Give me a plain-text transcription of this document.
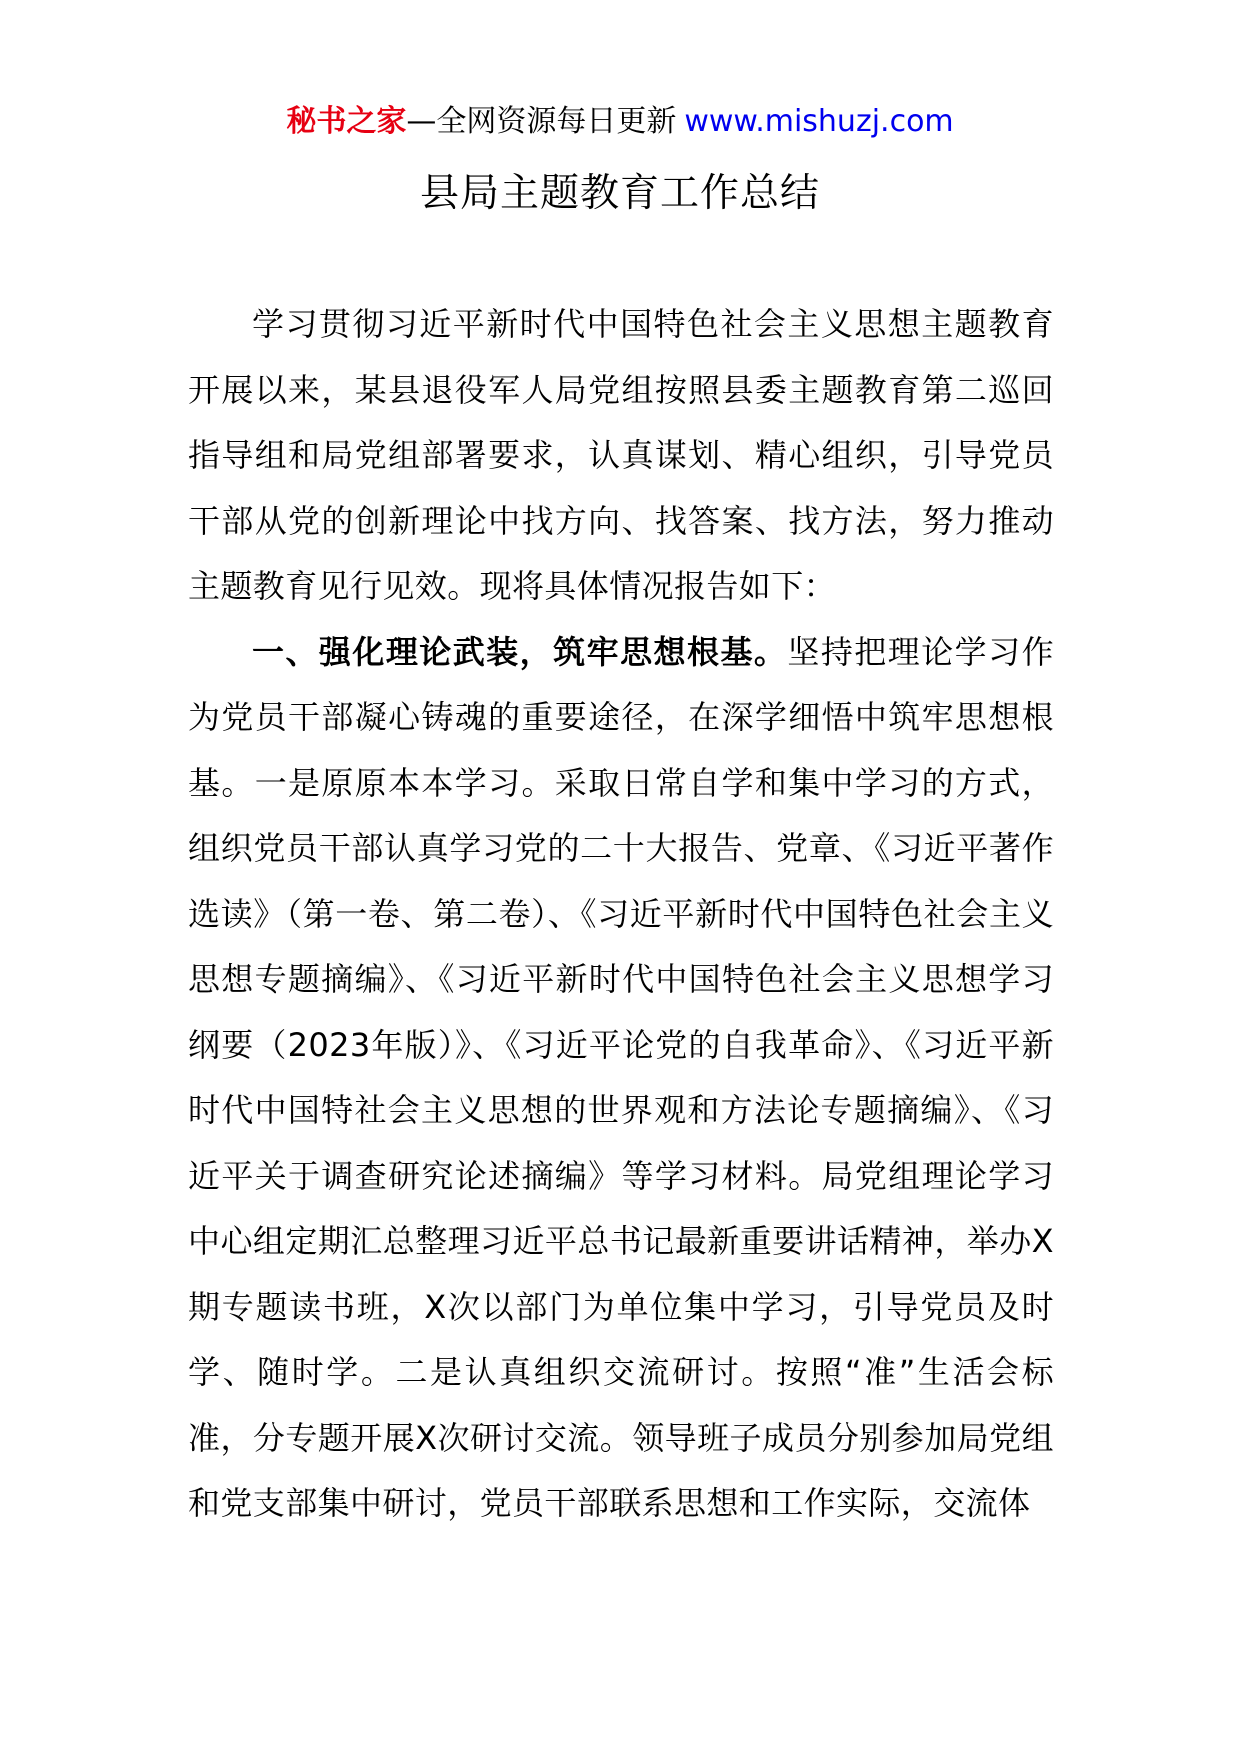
秘书之家—全网资源每日更新 www.mishuzj.com
县局主题教育工作总结

学习贯彻习近平新时代中国特色社会主义思想主题教育开展以来，某县退役军人局党组按照县委主题教育第二巡回指导组和局党组部署要求，认真谋划、精心组织，引导党员干部从党的创新理论中找方向、找答案、找方法，努力推动主题教育见行见效。现将具体情况报告如下：

一、强化理论武装，筑牢思想根基。坚持把理论学习作为党员干部凝心铸魂的重要途径，在深学细悟中筑牢思想根基。一是原原本本学习。采取日常自学和集中学习的方式，组织党员干部认真学习党的二十大报告、党章、《习近平著作选读》（第一卷、第二卷）、《习近平新时代中国特色社会主义思想专题摘编》、《习近平新时代中国特色社会主义思想学习纲要（2023年版）》、《习近平论党的自我革命》、《习近平新时代中国特社会主义思想的世界观和方法论专题摘编》、《习近平关于调查研究论述摘编》等学习材料。局党组理论学习中心组定期汇总整理习近平总书记最新重要讲话精神，举办X期专题读书班，X次以部门为单位集中学习，引导党员及时学、随时学。二是认真组织交流研讨。按照“准”生活会标准，分专题开展X次研讨交流。领导班子成员分别参加局党组和党支部集中研讨，党员干部联系思想和工作实际，交流体
